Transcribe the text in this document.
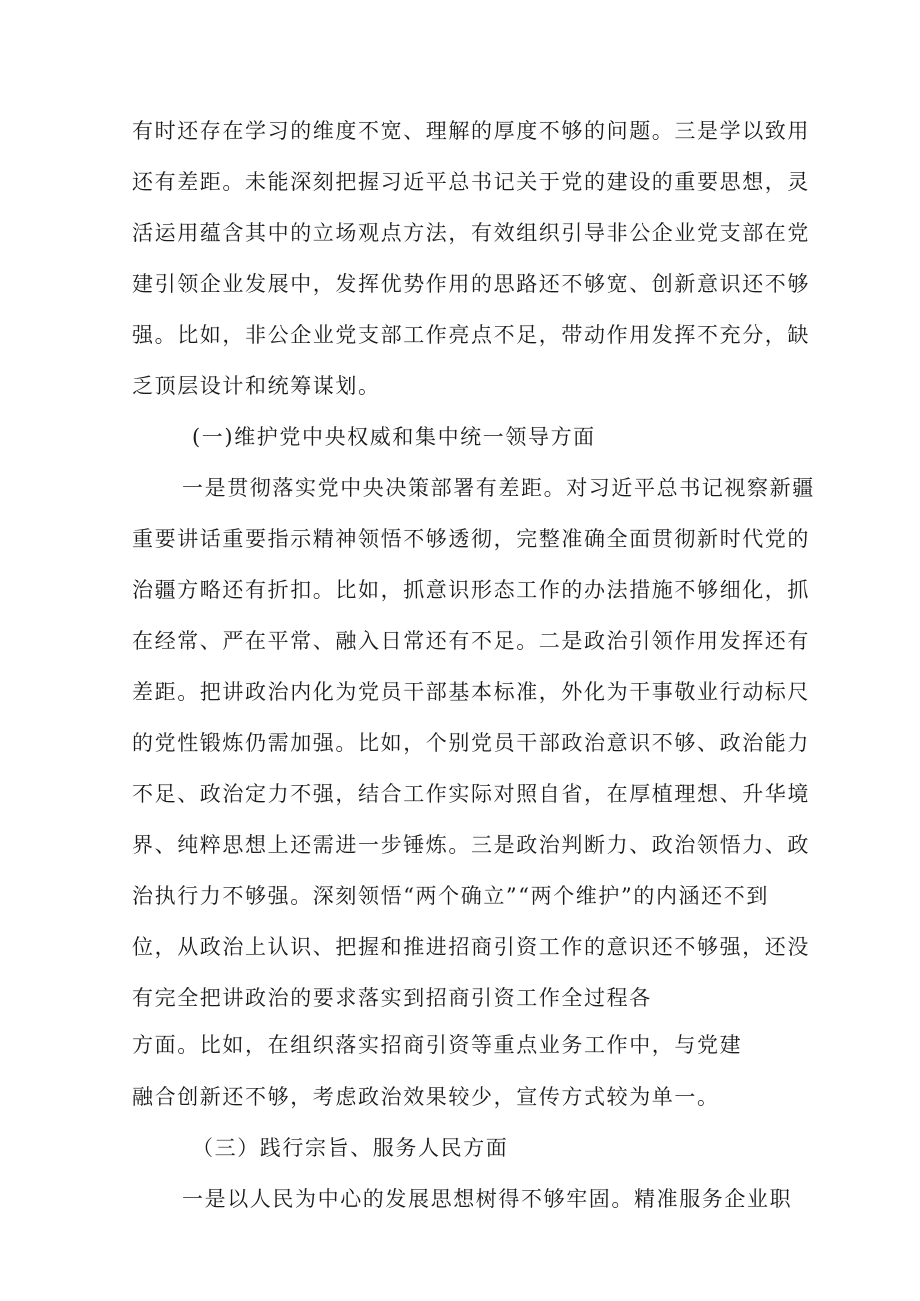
有时还存在学习的维度不宽、理解的厚度不够的问题。三是学以致用
还有差距。未能深刻把握习近平总书记关于党的建设的重要思想，灵
活运用蕴含其中的立场观点方法，有效组织引导非公企业党支部在党
建引领企业发展中，发挥优势作用的思路还不够宽、创新意识还不够
强。比如，非公企业党支部工作亮点不足，带动作用发挥不充分，缺
乏顶层设计和统筹谋划。
(一)维护党中央权威和集中统一领导方面
一是贯彻落实党中央决策部署有差距。对习近平总书记视察新疆
重要讲话重要指示精神领悟不够透彻，完整准确全面贯彻新时代党的
治疆方略还有折扣。比如，抓意识形态工作的办法措施不够细化，抓
在经常、严在平常、融入日常还有不足。二是政治引领作用发挥还有
差距。把讲政治内化为党员干部基本标准，外化为干事敬业行动标尺
的党性锻炼仍需加强。比如，个别党员干部政治意识不够、政治能力
不足、政治定力不强，结合工作实际对照自省，在厚植理想、升华境
界、纯粹思想上还需进一步锤炼。三是政治判断力、政治领悟力、政
治执行力不够强。深刻领悟“两个确立”“两个维护”的内涵还不到
位，从政治上认识、把握和推进招商引资工作的意识还不够强，还没
有完全把讲政治的要求落实到招商引资工作全过程各
方面。比如，在组织落实招商引资等重点业务工作中，与党建
融合创新还不够，考虑政治效果较少，宣传方式较为单一。
（三）践行宗旨、服务人民方面
一是以人民为中心的发展思想树得不够牢固。精准服务企业职
